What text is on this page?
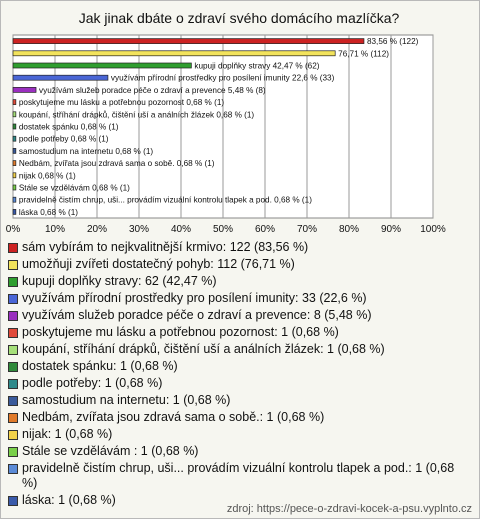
Jak jinak dbáte o zdraví svého domácího mazlíčka?
0% 10% 20% 30% 40% 50% 60% 70% 80% 90% 100%
83,56 % (122)
76,71 % (112)
kupuji doplňky stravy 42,47 % (62)
využívám přírodní prostředky pro posílení imunity 22,6 % (33)
využívám služeb poradce péče o zdraví a prevence 5,48 % (8)
poskytujeme mu lásku a potřebnou pozornost 0,68 % (1)
koupání, stříhání drápků, čištění uší a análních žlázek 0,68 % (1)
dostatek spánku 0,68 % (1)
podle potřeby 0,68 % (1)
samostudium na internetu 0,68 % (1)
Nedbám, zvířata jsou zdravá sama o sobě. 0,68 % (1)
nijak 0,68 % (1)
Stále se vzdělávám 0,68 % (1)
pravidelně čistím chrup, uši... provádím vizuální kontrolu tlapek a pod. 0,68 % (1)
láska 0,68 % (1)
sám vybírám to nejkvalitnější krmivo: 122 (83,56 %)
umožňuji zvířeti dostatečný pohyb: 112 (76,71 %)
kupuji doplňky stravy: 62 (42,47 %)
využívám přírodní prostředky pro posílení imunity: 33 (22,6 %)
využívám služeb poradce péče o zdraví a prevence: 8 (5,48 %)
poskytujeme mu lásku a potřebnou pozornost: 1 (0,68 %)
koupání, stříhání drápků, čištění uší a análních žlázek: 1 (0,68 %)
dostatek spánku: 1 (0,68 %)
podle potřeby: 1 (0,68 %)
samostudium na internetu: 1 (0,68 %)
Nedbám, zvířata jsou zdravá sama o sobě.: 1 (0,68 %)
nijak: 1 (0,68 %)
Stále se vzdělávám : 1 (0,68 %)
pravidelně čistím chrup, uši... provádím vizuální kontrolu tlapek a pod.: 1 (0,68 %)
láska: 1 (0,68 %)
zdroj: https://pece-o-zdravi-kocek-a-psu.vyplnto.cz
